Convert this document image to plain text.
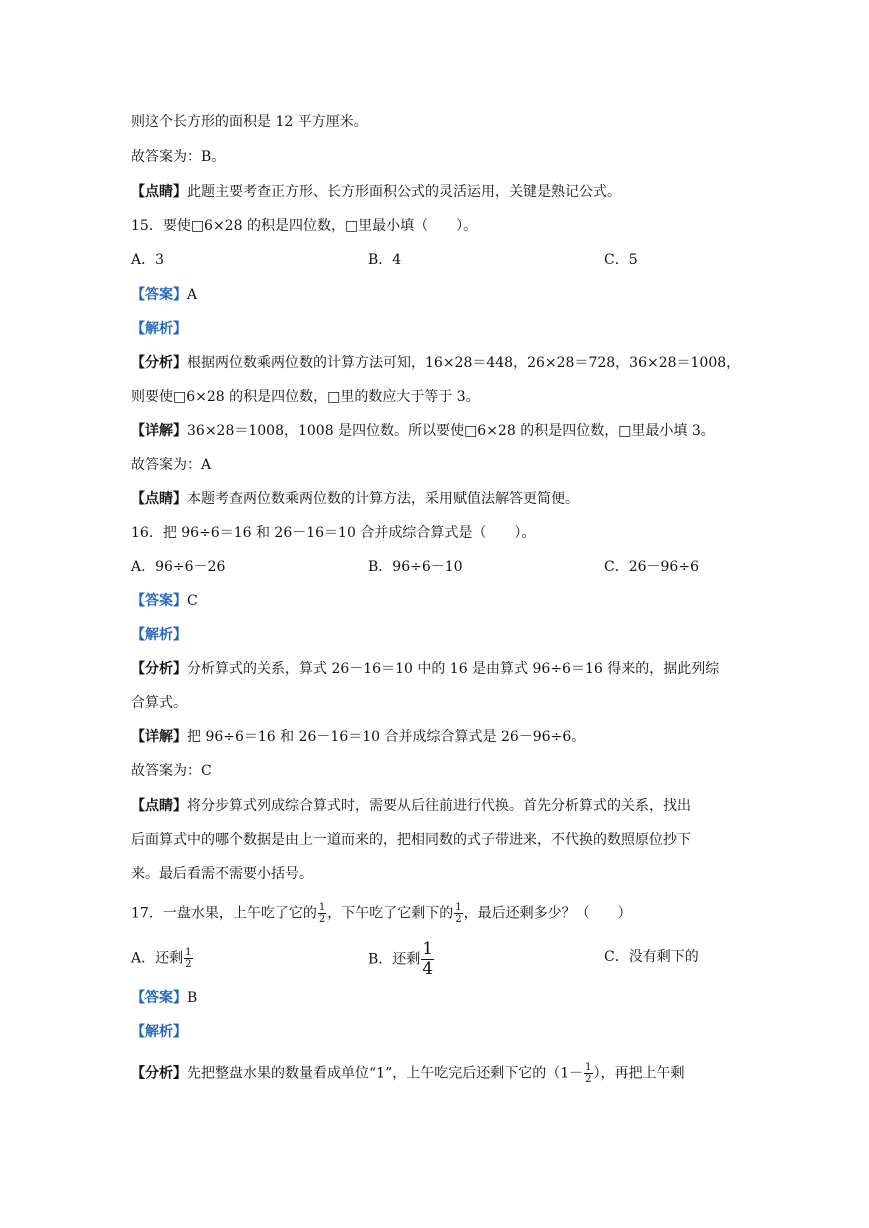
则这个长方形的面积是 12 平方厘米。
故答案为：B。
【点睛】此题主要考查正方形、长方形面积公式的灵活运用，关键是熟记公式。
15．要使□6×28 的积是四位数，□里最小填（　　）。
A．3	B．4	C．5
【答案】A
【解析】
【分析】根据两位数乘两位数的计算方法可知，16×28＝448，26×28＝728，36×28＝1008，
则要使□6×28 的积是四位数，□里的数应大于等于 3。
【详解】36×28＝1008，1008 是四位数。所以要使□6×28 的积是四位数，□里最小填 3。
故答案为：A
【点睛】本题考查两位数乘两位数的计算方法，采用赋值法解答更简便。
16．把 96÷6＝16 和 26－16＝10 合并成综合算式是（　　）。
A．96÷6－26	B．96÷6－10	C．26－96÷6
【答案】C
【解析】
【分析】分析算式的关系，算式 26－16＝10 中的 16 是由算式 96÷6＝16 得来的，据此列综
合算式。
【详解】把 96÷6＝16 和 26－16＝10 合并成综合算式是 26－96÷6。
故答案为：C
【点睛】将分步算式列成综合算式时，需要从后往前进行代换。首先分析算式的关系，找出
后面算式中的哪个数据是由上一道而来的，把相同数的式子带进来，不代换的数照原位抄下
来。最后看需不需要小括号。
17．一盘水果，上午吃了它的 $\frac{1}{2}$ ，下午吃了它剩下的 $\frac{1}{2}$ ，最后还剩多少？（　　）
A．还剩 $\frac{1}{2}$	B．还剩 $\frac{1}{4}$	C．没有剩下的
【答案】B
【解析】
【分析】先把整盘水果的数量看成单位“1”，上午吃完后还剩下它的（$1- \frac{1}{2}$ ），再把上午剩
